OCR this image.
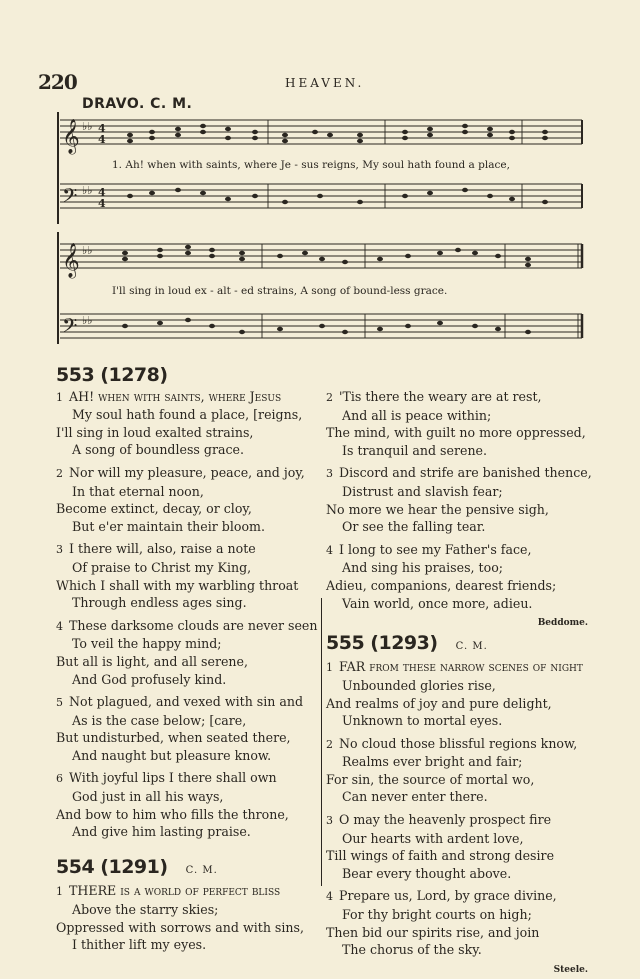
220	HEAVEN.
DRAVO. C. M.
𝄞
𝄢
4
4
4
4
♭♭
♭♭
1. Ah! when with saints, where Je - sus reigns, My soul hath found a place,
𝄞
𝄢
♭♭
♭♭
I'll sing in loud ex - alt - ed strains, A song of bound-less grace.
553 (1278)
1 AH! when with saints, where Jesus
My soul hath found a place, [reigns,
I'll sing in loud exalted strains,
A song of boundless grace.
2 Nor will my pleasure, peace, and joy,
In that eternal noon,
Become extinct, decay, or cloy,
But e'er maintain their bloom.
3 I there will, also, raise a note
Of praise to Christ my King,
Which I shall with my warbling throat
Through endless ages sing.
4 These darksome clouds are never seen
To veil the happy mind;
But all is light, and all serene,
And God profusely kind.
5 Not plagued, and vexed with sin and
As is the case below; [care,
But undisturbed, when seated there,
And naught but pleasure know.
6 With joyful lips I there shall own
God just in all his ways,
And bow to him who fills the throne,
And give him lasting praise.
554 (1291) C. M.
1 THERE is a world of perfect bliss
Above the starry skies;
Oppressed with sorrows and with sins,
I thither lift my eyes.
2 'Tis there the weary are at rest,
And all is peace within;
The mind, with guilt no more oppressed,
Is tranquil and serene.
3 Discord and strife are banished thence,
Distrust and slavish fear;
No more we hear the pensive sigh,
Or see the falling tear.
4 I long to see my Father's face,
And sing his praises, too;
Adieu, companions, dearest friends;
Vain world, once more, adieu.
Beddome.
555 (1293) C. M.
1 FAR from these narrow scenes of night
Unbounded glories rise,
And realms of joy and pure delight,
Unknown to mortal eyes.
2 No cloud those blissful regions know,
Realms ever bright and fair;
For sin, the source of mortal wo,
Can never enter there.
3 O may the heavenly prospect fire
Our hearts with ardent love,
Till wings of faith and strong desire
Bear every thought above.
4 Prepare us, Lord, by grace divine,
For thy bright courts on high;
Then bid our spirits rise, and join
The chorus of the sky.
Steele.
